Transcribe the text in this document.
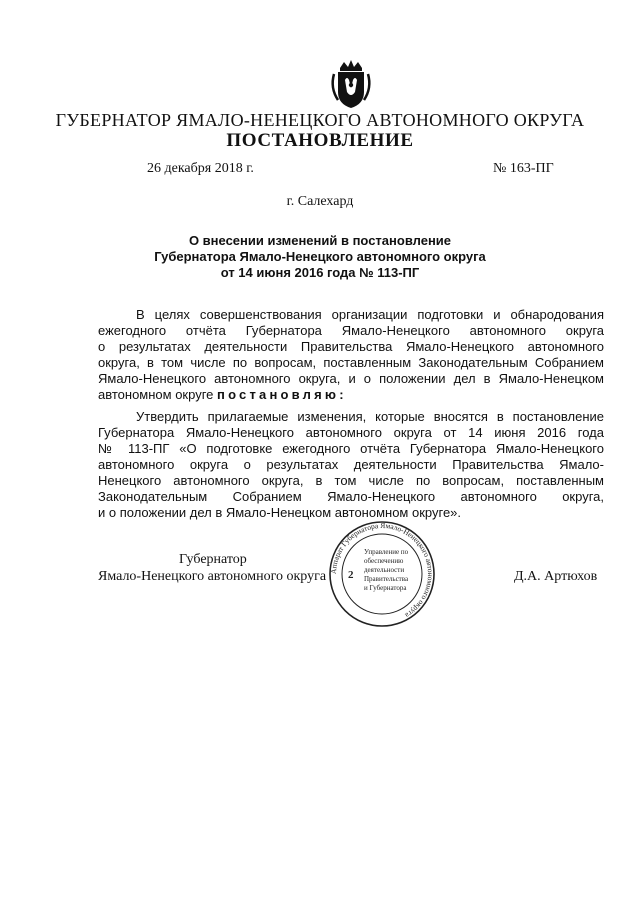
ГУБЕРНАТОР ЯМАЛО-НЕНЕЦКОГО АВТОНОМНОГО ОКРУГА
ПОСТАНОВЛЕНИЕ
26 декабря 2018 г.	№ 163-ПГ
г. Салехард
О внесении изменений в постановление
Губернатора Ямало-Ненецкого автономного округа
от 14 июня 2016 года № 113-ПГ
В целях совершенствования организации подготовки и обнародования
ежегодного отчёта Губернатора Ямало-Ненецкого автономного округа
о результатах деятельности Правительства Ямало-Ненецкого автономного
округа, в том числе по вопросам, поставленным Законодательным Собранием
Ямало-Ненецкого автономного округа, и о положении дел в Ямало-Ненецком
автономном округе постановляю:
Утвердить прилагаемые изменения, которые вносятся в постановление
Губернатора Ямало-Ненецкого автономного округа от 14 июня 2016 года
№ 113-ПГ «О подготовке ежегодного отчёта Губернатора Ямало-Ненецкого
автономного округа о результатах деятельности Правительства Ямало-
Ненецкого автономного округа, в том числе по вопросам, поставленным
Законодательным Собранием Ямало-Ненецкого автономного округа,
и о положении дел в Ямало-Ненецком автономном округе».
Губернатор
Ямало-Ненецкого автономного округа	Д.А. Артюхов
Аппарат Губернатора Ямало-Ненецкого автономного округа
Управление по
обеспечению
деятельности
Правительства
и Губернатора
2
